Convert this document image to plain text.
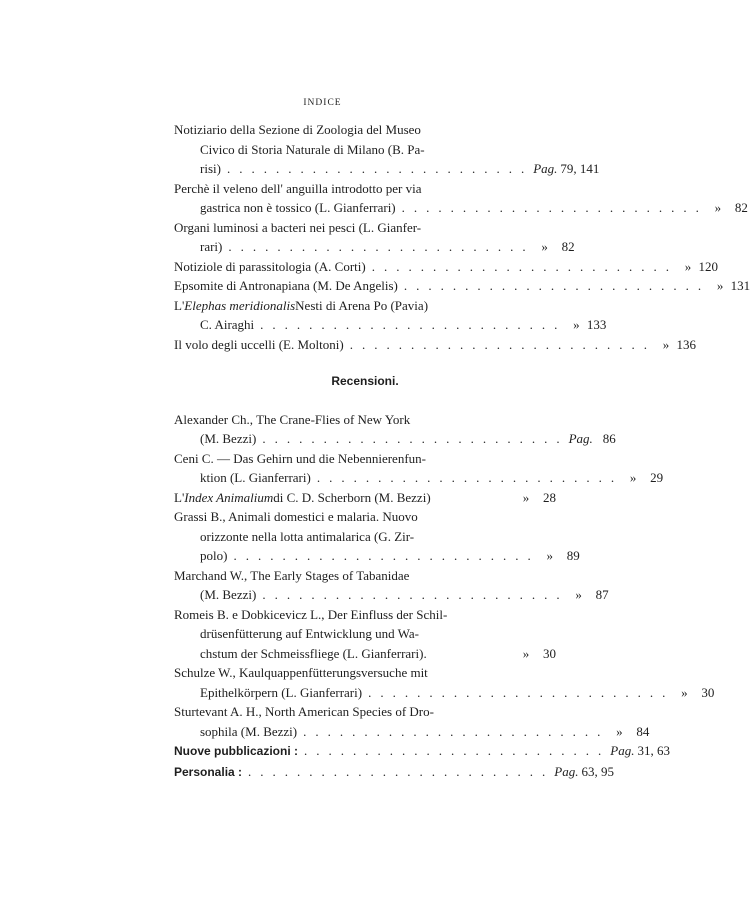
INDICE
Notiziario della Sezione di Zoologia del Museo
Civico di Storia Naturale di Milano (B. Pa-
risi) ......................... Pag. 79, 141
Perchè il veleno dell' anguilla introdotto per via
gastrica non è tossico (L. Gianferrari) ......................... »	82
Organi luminosi a bacteri nei pesci (L. Gianfer-
rari) ......................... »	82
Notiziole di parassitologia (A. Corti) ......................... » 120
Epsomite di Antronapiana (M. De Angelis) ......................... » 131
L' Elephas meridionalis Nesti di Arena Po (Pavia)
C. Airaghi ......................... » 133
Il volo degli uccelli (E. Moltoni) ......................... » 136
Recensioni.
Alexander Ch., The Crane-Flies of New York
(M. Bezzi) ......................... Pag. 86
Ceni C. — Das Gehirn und die Nebennierenfun-
ktion (L. Gianferrari) ......................... »	29
L' Index Animalium di C. D. Scherborn (M. Bezzi)	»	28
Grassi B., Animali domestici e malaria. Nuovo
orizzonte nella lotta antimalarica (G. Zir-
polo) ......................... »	89
Marchand W., The Early Stages of Tabanidae
(M. Bezzi) ......................... »	87
Romeis B. e Dobkicevicz L., Der Einfluss der Schil-
drüsenfütterung auf Entwicklung und Wa-
chstum der Schmeissfliege (L. Gianferrari).	»	30
Schulze W., Kaulquappenfütterungsversuche mit
Epithelkörpern (L. Gianferrari) ......................... »	30
Sturtevant A. H., North American Species of Dro-
sophila (M. Bezzi) ......................... »	84
Nuove pubblicazioni : ......................... Pag. 31, 63
Personalia : ......................... Pag. 63, 95
